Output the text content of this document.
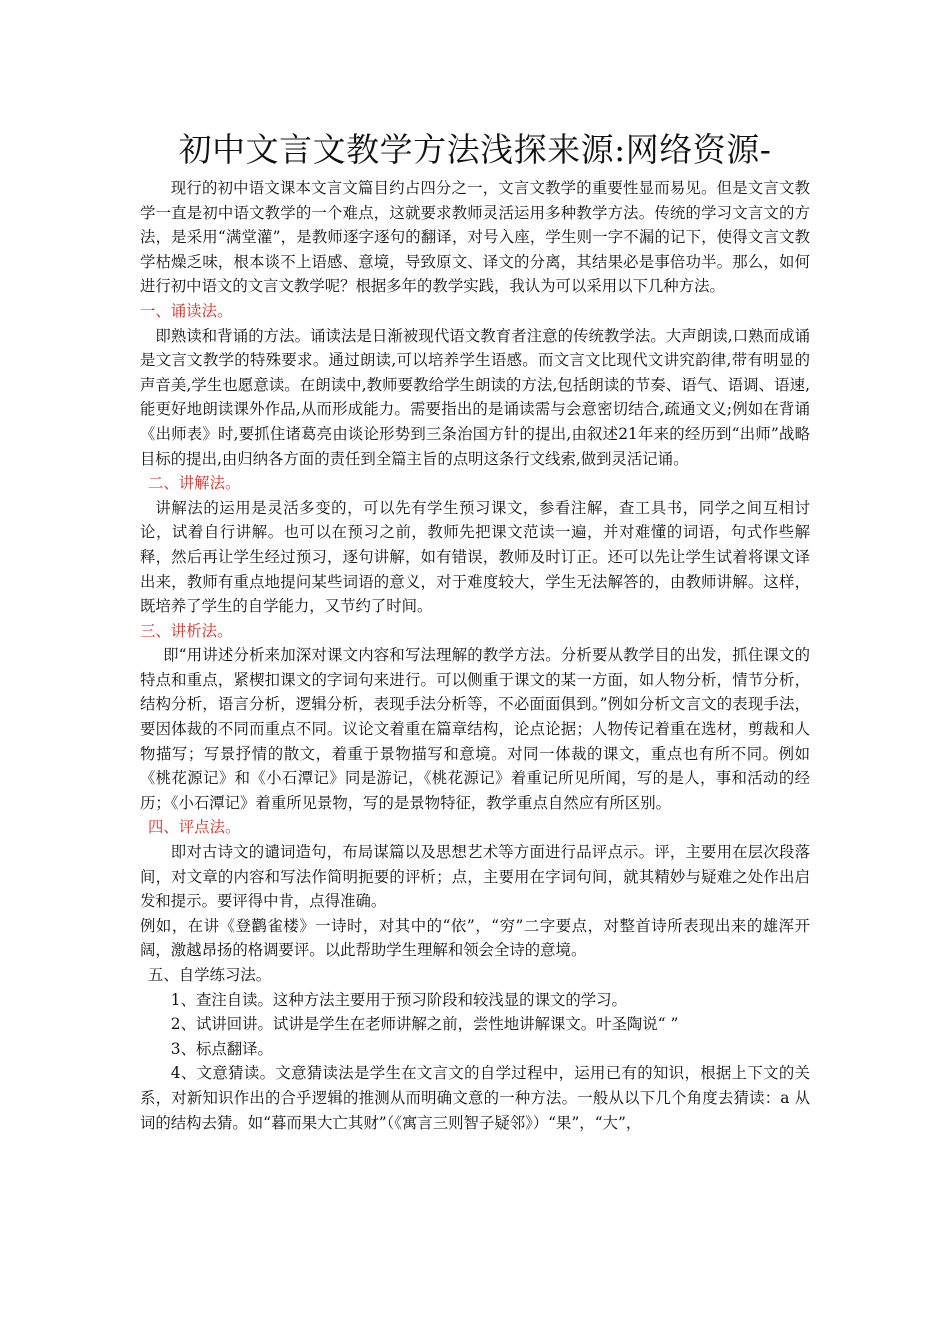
初中文言文教学方法浅探来源:网络资源-

现行的初中语文课本文言文篇目约占四分之一，文言文教学的重要性显而易见。但是文言文教学一直是初中语文教学的一个难点，这就要求教师灵活运用多种教学方法。传统的学习文言文的方法，是采用“满堂灌”，是教师逐字逐句的翻译，对号入座，学生则一字不漏的记下，使得文言文教学枯燥乏味，根本谈不上语感、意境，导致原文、译文的分离，其结果必是事倍功半。那么，如何进行初中语文的文言文教学呢？根据多年的教学实践，我认为可以采用以下几种方法。

一、诵读法。

即熟读和背诵的方法。诵读法是日渐被现代语文教育者注意的传统教学法。大声朗读,口熟而成诵是文言文教学的特殊要求。通过朗读,可以培养学生语感。而文言文比现代文讲究韵律,带有明显的声音美,学生也愿意读。在朗读中,教师要教给学生朗读的方法,包括朗读的节奏、语气、语调、语速,能更好地朗读课外作品,从而形成能力。需要指出的是诵读需与会意密切结合,疏通文义;例如在背诵《出师表》时,要抓住诸葛亮由谈论形势到三条治国方针的提出,由叙述21年来的经历到“出师”战略目标的提出,由归纳各方面的责任到全篇主旨的点明这条行文线索,做到灵活记诵。

二、讲解法。

讲解法的运用是灵活多变的，可以先有学生预习课文，参看注解，查工具书，同学之间互相讨论，试着自行讲解。也可以在预习之前，教师先把课文范读一遍，并对难懂的词语，句式作些解释，然后再让学生经过预习，逐句讲解，如有错误，教师及时订正。还可以先让学生试着将课文译出来，教师有重点地提问某些词语的意义，对于难度较大，学生无法解答的，由教师讲解。这样，既培养了学生的自学能力，又节约了时间。

三、讲析法。

即“用讲述分析来加深对课文内容和写法理解的教学方法。分析要从教学目的出发，抓住课文的特点和重点，紧楔扣课文的字词句来进行。可以侧重于课文的某一方面，如人物分析，情节分析，结构分析，语言分析，逻辑分析，表现手法分析等，不必面面俱到。”例如分析文言文的表现手法，要因体裁的不同而重点不同。议论文着重在篇章结构，论点论据；人物传记着重在选材，剪裁和人物描写；写景抒情的散文，着重于景物描写和意境。对同一体裁的课文，重点也有所不同。例如《桃花源记》和《小石潭记》同是游记，《桃花源记》着重记所见所闻，写的是人，事和活动的经历；《小石潭记》着重所见景物，写的是景物特征，教学重点自然应有所区别。

四、评点法。

即对古诗文的谴词造句，布局谋篇以及思想艺术等方面进行品评点示。评，主要用在层次段落间，对文章的内容和写法作简明扼要的评析；点，主要用在字词句间，就其精妙与疑难之处作出启发和提示。要评得中肯，点得准确。

例如，在讲《登鹳雀楼》一诗时，对其中的“依”，“穷”二字要点，对整首诗所表现出来的雄浑开阔，激越昂扬的格调要评。以此帮助学生理解和领会全诗的意境。

五、自学练习法。

1、查注自读。这种方法主要用于预习阶段和较浅显的课文的学习。

2、试讲回讲。试讲是学生在老师讲解之前，尝性地讲解课文。叶圣陶说“ ”

3、标点翻译。

4、文意猜读。文意猜读法是学生在文言文的自学过程中，运用已有的知识，根据上下文的关系，对新知识作出的合乎逻辑的推测从而明确文意的一种方法。一般从以下几个角度去猜读：a 从词的结构去猜。如“暮而果大亡其财”（《寓言三则智子疑邻》）“果”，“大”，
